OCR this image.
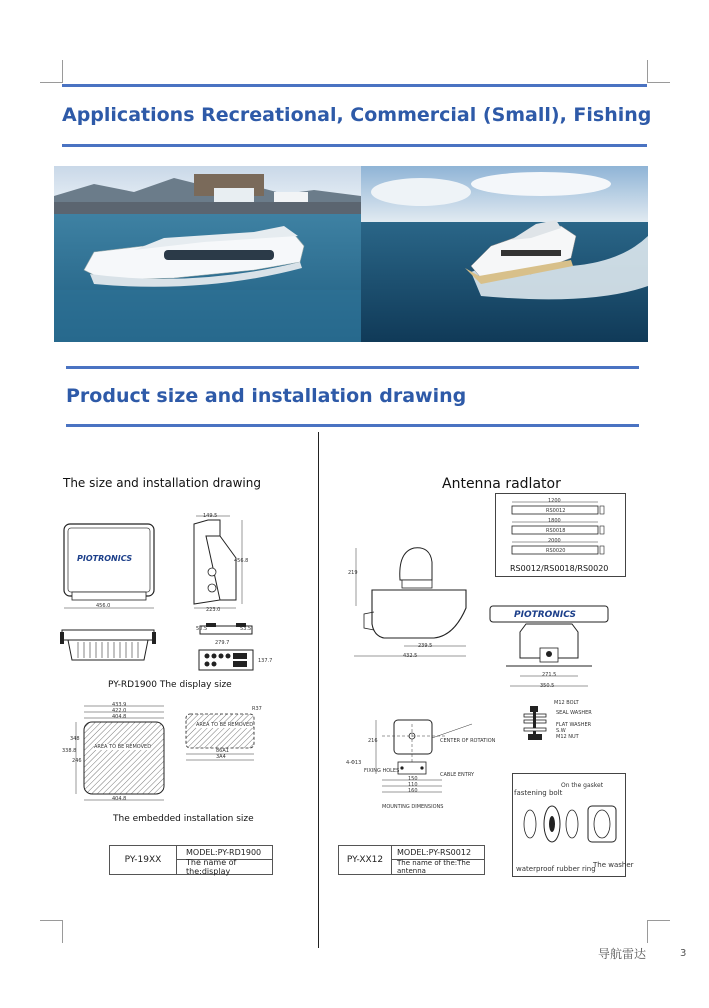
Applications Recreational, Commercial (Small), Fishing
Product size and installation drawing
The size and installation drawing
PIOTRONICS
456.0
149.5
456.8
223.0
50.5	53.5
279.7
137.7
PY-RD1900 The display size
433.9
422.0
404.8
338.8
348
246
AREA TO BE REMOVED
404.8
AREA TO BE REMOVED
R37
86A1
3A4
The embedded installation size
PY-19XX
MODEL:PY-RD1900
The name of the:display
Antenna radlator
1200
RS0012
1800
RS0018
2000
RS0020
RS0012/RS0018/RS0020
219
239.5
432.5
PIOTRONICS
271.5
350.5
M12 BOLT
SEAL WASHER
FLAT WASHER
S.W
M12 NUT
CENTER OF ROTATION
FIXING HOLES
CABLE ENTRY
MOUNTING DIMENSIONS
216
4-Φ13
150
110
160	fastening bolt
On the gasket
waterproof rubber ring
The washer
PY-XX12
MODEL:PY-RS0012
The name of the:The antenna
导航雷达	3
